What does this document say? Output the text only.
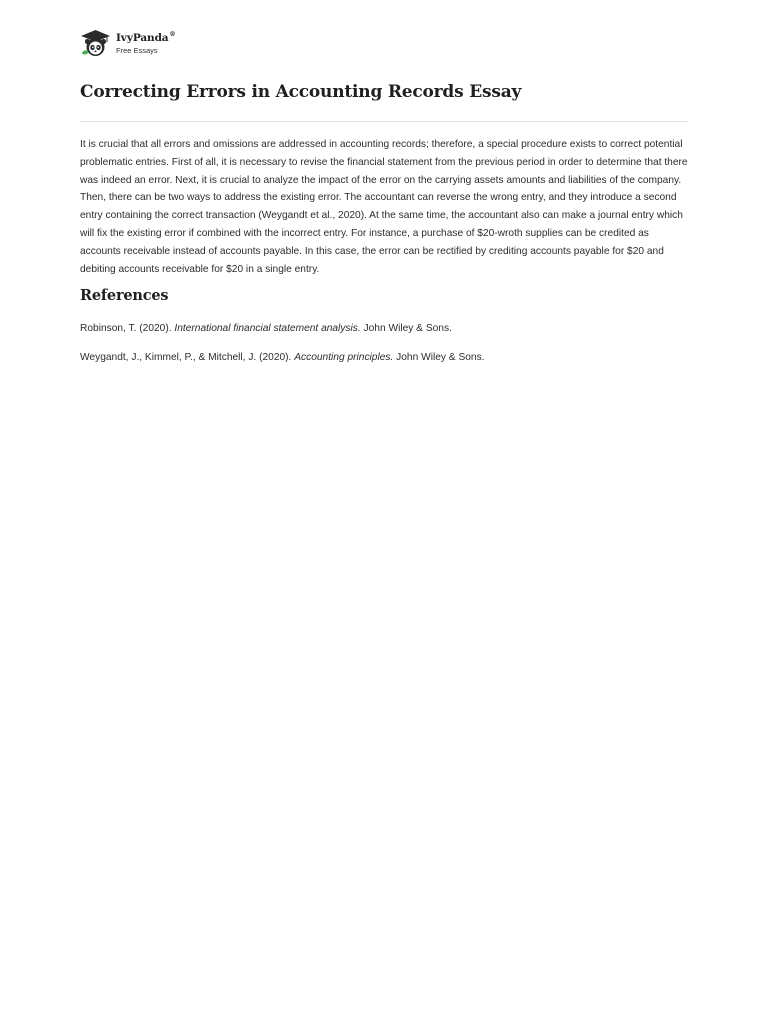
IvyPanda®
Free Essays
Correcting Errors in Accounting Records Essay

It is crucial that all errors and omissions are addressed in accounting records; therefore, a special procedure exists to correct potential problematic entries. First of all, it is necessary to revise the financial statement from the previous period in order to determine that there was indeed an error. Next, it is crucial to analyze the impact of the error on the carrying assets amounts and liabilities of the company. Then, there can be two ways to address the existing error. The accountant can reverse the wrong entry, and they introduce a second entry containing the correct transaction (Weygandt et al., 2020). At the same time, the accountant also can make a journal entry which will fix the existing error if combined with the incorrect entry. For instance, a purchase of $20-wroth supplies can be credited as accounts receivable instead of accounts payable. In this case, the error can be rectified by crediting accounts payable for $20 and debiting accounts receivable for $20 in a single entry.

References

Robinson, T. (2020). International financial statement analysis. John Wiley & Sons.

Weygandt, J., Kimmel, P., & Mitchell, J. (2020). Accounting principles. John Wiley & Sons.
